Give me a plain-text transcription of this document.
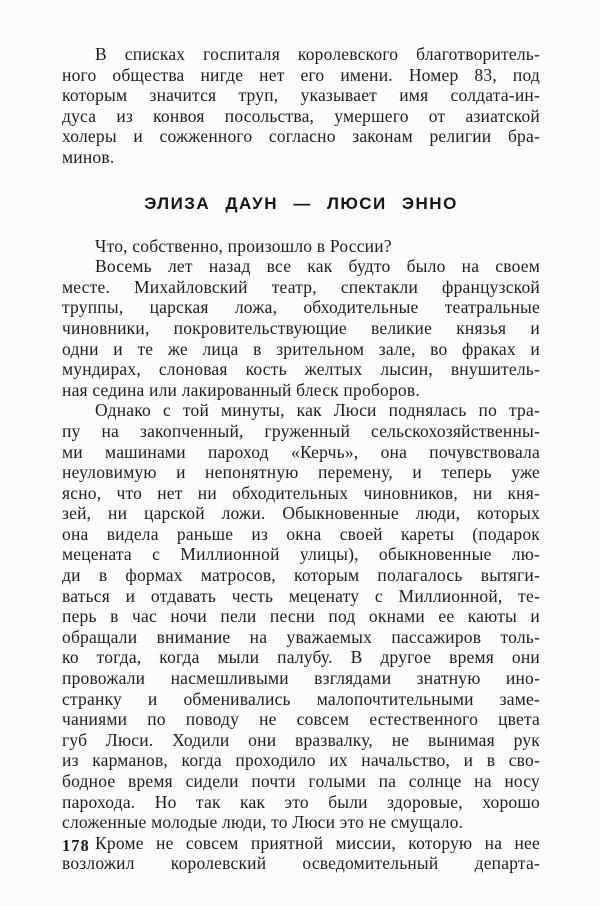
В списках госпиталя королевского благотворитель-
ного общества нигде нет его имени. Номер 83, под
которым значится труп, указывает имя солдата-ин-
дуса из конвоя посольства, умершего от азиатской
холеры и сожженного согласно законам религии бра-
минов.
ЭЛИЗА ДАУН — ЛЮСИ ЭННО
Что, собственно, произошло в России?
Восемь лет назад все как будто было на своем
месте. Михайловский театр, спектакли французской
труппы, царская ложа, обходительные театральные
чиновники, покровительствующие великие князья и
одни и те же лица в зрительном зале, во фраках и
мундирах, слоновая кость желтых лысин, внушитель-
ная седина или лакированный блеск проборов.
Однако с той минуты, как Люси поднялась по тра-
пу на закопченный, груженный сельскохозяйственны-
ми машинами пароход «Керчь», она почувствовала
неуловимую и непонятную перемену, и теперь уже
ясно, что нет ни обходительных чиновников, ни кня-
зей, ни царской ложи. Обыкновенные люди, которых
она видела раньше из окна своей кареты (подарок
мецената с Миллионной улицы), обыкновенные лю-
ди в формах матросов, которым полагалось вытяги-
ваться и отдавать честь меценату с Миллионной, те-
перь в час ночи пели песни под окнами ее каюты и
обращали внимание на уважаемых пассажиров толь-
ко тогда, когда мыли палубу. В другое время они
провожали насмешливыми взглядами знатную ино-
странку и обменивались малопочтительными заме-
чаниями по поводу не совсем естественного цвета
губ Люси. Ходили они вразвалку, не вынимая рук
из карманов, когда проходило их начальство, и в сво-
бодное время сидели почти голыми па солнце на носу
парохода. Но так как это были здоровые, хорошо
сложенные молодые люди, то Люси это не смущало.
Кроме не совсем приятной миссии, которую на нее
возложил королевский осведомительный департа-
178
